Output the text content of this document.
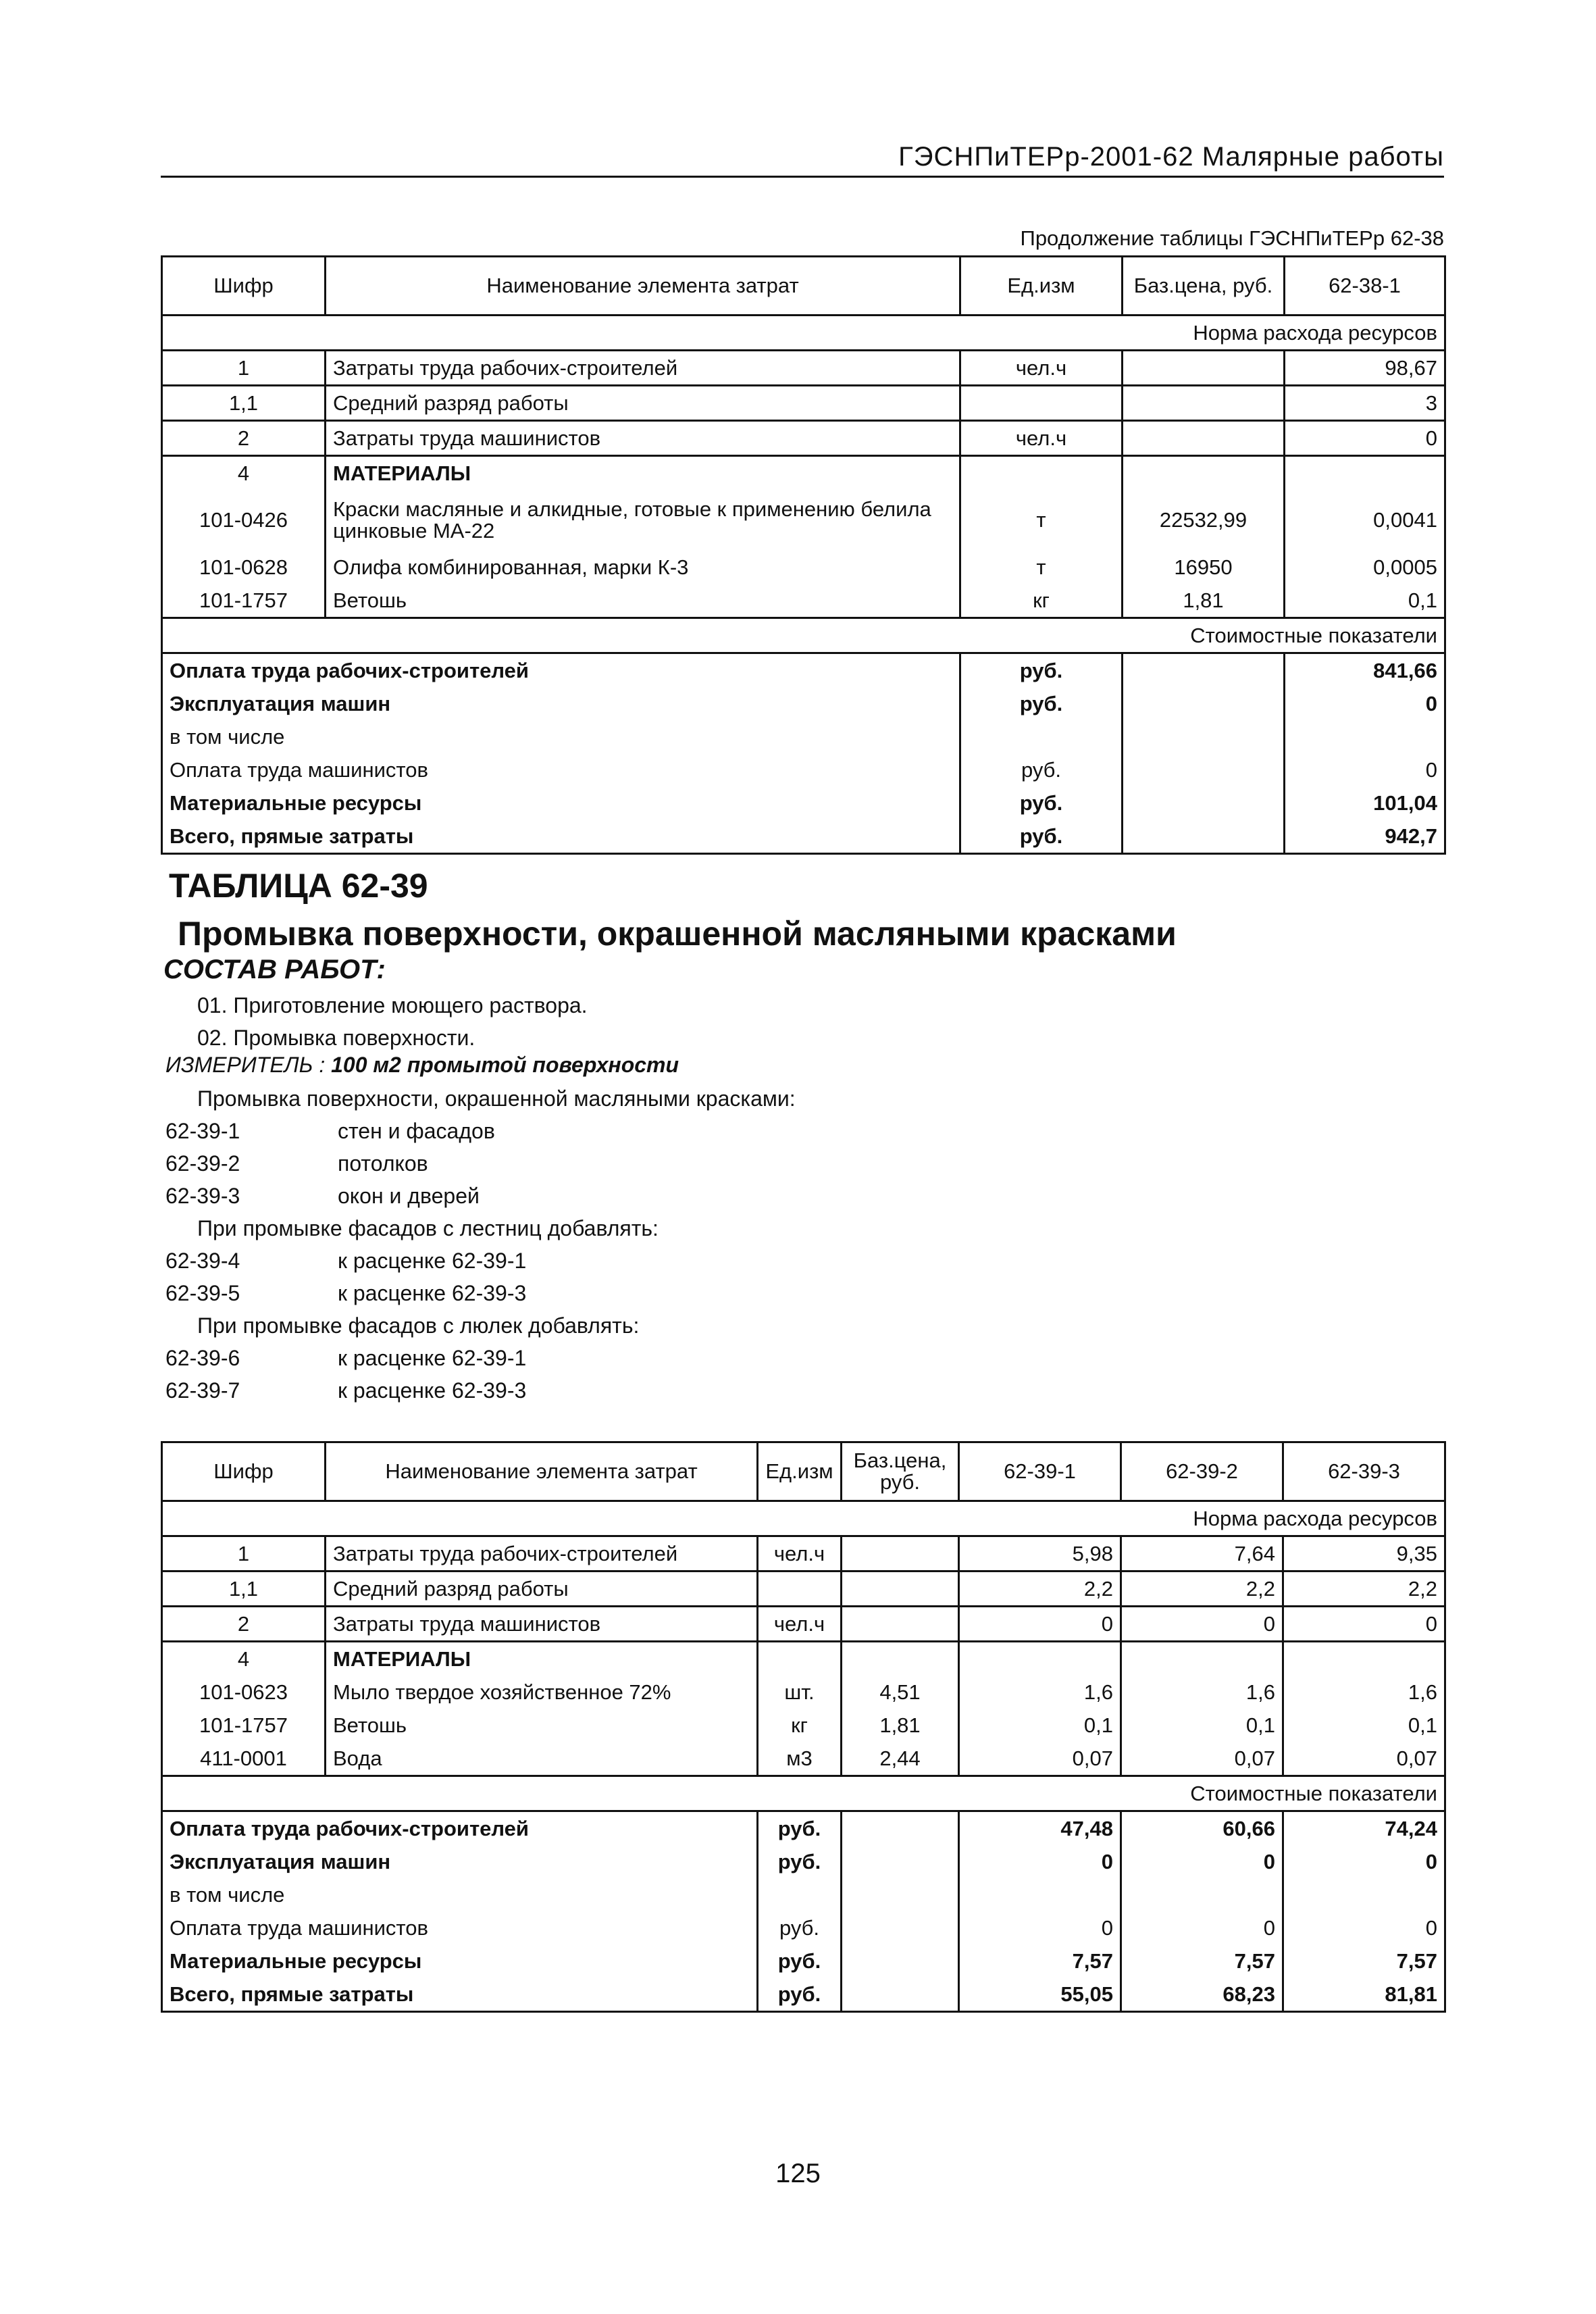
ГЭСНПиТЕРр-2001-62 Малярные работы
Продолжение таблицы ГЭСНПиТЕРр 62-38
Шифр	Наименование элемента затрат	Ед.изм	Баз.цена, руб.	62-38-1
Норма расхода ресурсов				
1	Затраты труда рабочих-строителей	чел.ч		98,67
1,1	Средний разряд работы			3
2	Затраты труда машинистов	чел.ч		0
4	МАТЕРИАЛЫ			
101-0426	Краски масляные и алкидные, готовые к применению белила цинковые МА-22	т	22532,99	0,0041
101-0628	Олифа комбинированная, марки К-3	т	16950	0,0005
101-1757	Ветошь	кг	1,81	0,1
Стоимостные показатели				
Оплата труда рабочих-строителей		руб.		841,66
Эксплуатация машин		руб.		0
в том числе				
Оплата труда машинистов		руб.		0
Материальные ресурсы		руб.		101,04
Всего, прямые затраты		руб.		942,7
ТАБЛИЦА 62-39
Промывка поверхности, окрашенной масляными красками
СОСТАВ РАБОТ:
01. Приготовление моющего раствора.
02. Промывка поверхности.
ИЗМЕРИТЕЛЬ : 100 м2 промытой поверхности
Промывка поверхности, окрашенной масляными красками:
62-39-1	стен и фасадов
62-39-2	потолков
62-39-3	окон и дверей
При промывке фасадов с лестниц добавлять:
62-39-4	к расценке 62-39-1
62-39-5	к расценке 62-39-3
При промывке фасадов с люлек добавлять:
62-39-6	к расценке 62-39-1
62-39-7	к расценке 62-39-3
Шифр	Наименование элемента затрат	Ед.изм	Баз.цена, руб.	62-39-1	62-39-2	62-39-3
Норма расхода ресурсов						
1	Затраты труда рабочих-строителей	чел.ч		5,98	7,64	9,35
1,1	Средний разряд работы			2,2	2,2	2,2
2	Затраты труда машинистов	чел.ч		0	0	0
4	МАТЕРИАЛЫ					
101-0623	Мыло твердое хозяйственное 72%	шт.	4,51	1,6	1,6	1,6
101-1757	Ветошь	кг	1,81	0,1	0,1	0,1
411-0001	Вода	м3	2,44	0,07	0,07	0,07
Стоимостные показатели						
Оплата труда рабочих-строителей		руб.		47,48	60,66	74,24
Эксплуатация машин		руб.		0	0	0
в том числе						
Оплата труда машинистов		руб.		0	0	0
Материальные ресурсы		руб.		7,57	7,57	7,57
Всего, прямые затраты		руб.		55,05	68,23	81,81
125
